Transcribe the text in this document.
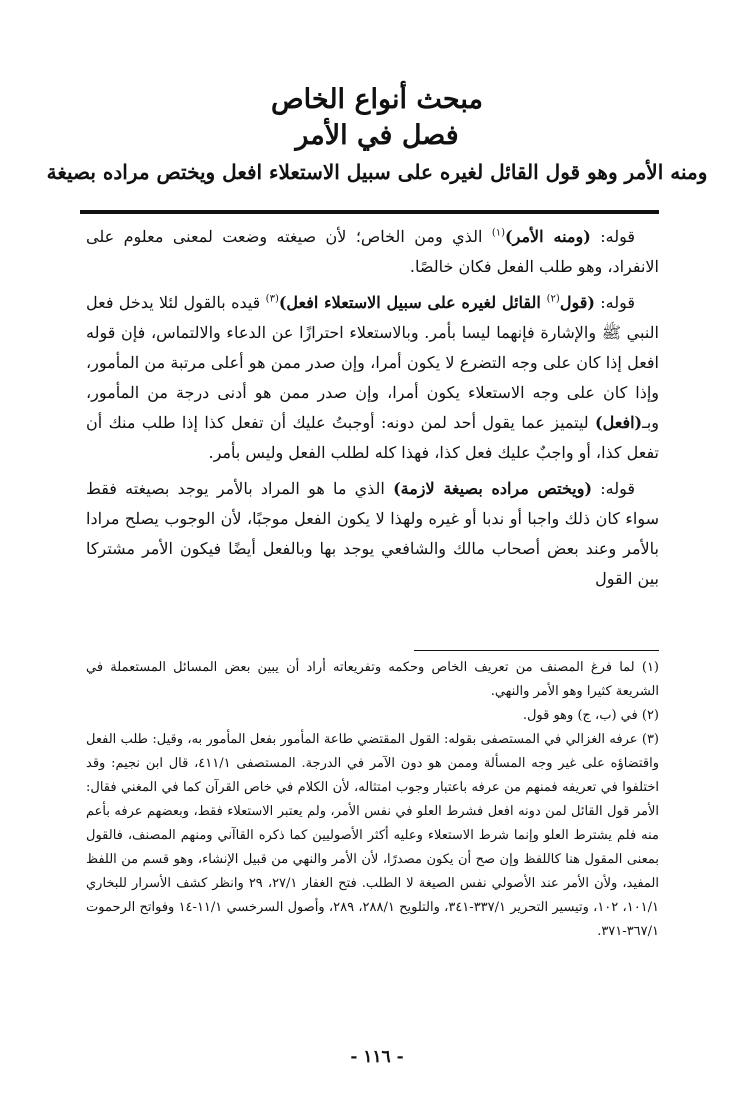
مبحث أنواع الخاص
فصل في الأمر
ومنه الأمر وهو قول القائل لغيره على سبيل الاستعلاء افعل ويختص مراده بصيغة

قوله: (ومنه الأمر)$^{(١)}$ الذي ومن الخاص؛ لأن صيغته وضعت لمعنى معلوم على الانفراد، وهو طلب الفعل فكان خالصًا.

قوله: (قول$^{(٢)}$ القائل لغيره على سبيل الاستعلاء افعل)$^{(٣)}$ قيده بالقول لئلا يدخل فعل النبي ﷺ والإشارة فإنهما ليسا بأمر. وبالاستعلاء احترازًا عن الدعاء والالتماس، فإن قوله افعل إذا كان على وجه التضرع لا يكون أمرا، وإن صدر ممن هو أعلى مرتبة من المأمور، وإذا كان على وجه الاستعلاء يكون أمرا، وإن صدر ممن هو أدنى درجة من المأمور، وبـ(افعل) ليتميز عما يقول أحد لمن دونه: أوجبتُ عليك أن تفعل كذا إذا طلب منك أن تفعل كذا، أو واجبٌ عليك فعل كذا، فهذا كله لطلب الفعل وليس بأمر.

قوله: (ويختص مراده بصيغة لازمة) الذي ما هو المراد بالأمر يوجد بصيغته فقط سواء كان ذلك واجبا أو ندبا أو غيره ولهذا لا يكون الفعل موجبًا، لأن الوجوب يصلح مرادا بالأمر وعند بعض أصحاب مالك والشافعي يوجد بها وبالفعل أيضًا فيكون الأمر مشتركا بين القول

(١) لما فرغ المصنف من تعريف الخاص وحكمه وتفريعاته أراد أن يبين بعض المسائل المستعملة في الشريعة كثيرا وهو الأمر والنهي.

(٢) في (ب، ج) وهو قول.

(٣) عرفه الغزالي في المستصفى بقوله: القول المقتضي طاعة المأمور بفعل المأمور به، وقيل: طلب الفعل واقتضاؤه على غير وجه المسألة وممن هو دون الآمر في الدرجة. المستصفى ٤١١/١، قال ابن نجيم: وقد اختلفوا في تعريفه فمنهم من عرفه باعتبار وجوب امتثاله، لأن الكلام في خاص القرآن كما في المغني فقال: الأمر قول القائل لمن دونه افعل فشرط العلو في نفس الأمر، ولم يعتبر الاستعلاء فقط، وبعضهم عرفه بأعم منه فلم يشترط العلو وإنما شرط الاستعلاء وعليه أكثر الأصوليين كما ذكره القاآني ومنهم المصنف، فالقول بمعنى المقول هنا كاللفظ وإن صح أن يكون مصدرًا، لأن الأمر والنهي من قبيل الإنشاء، وهو قسم من اللفظ المفيد، ولأن الأمر عند الأصولي نفس الصيغة لا الطلب. فتح الغفار ٢٧/١، ٢٩ وانظر كشف الأسرار للبخاري ١٠١/١، ١٠٢، وتيسير التحرير ٣٣٧/١-٣٤١، والتلويح ٢٨٨/١، ٢٨٩، وأصول السرخسي ١١/١-١٤ وفواتح الرحموت ٣٦٧/١-٣٧١.

- ١١٦ -
